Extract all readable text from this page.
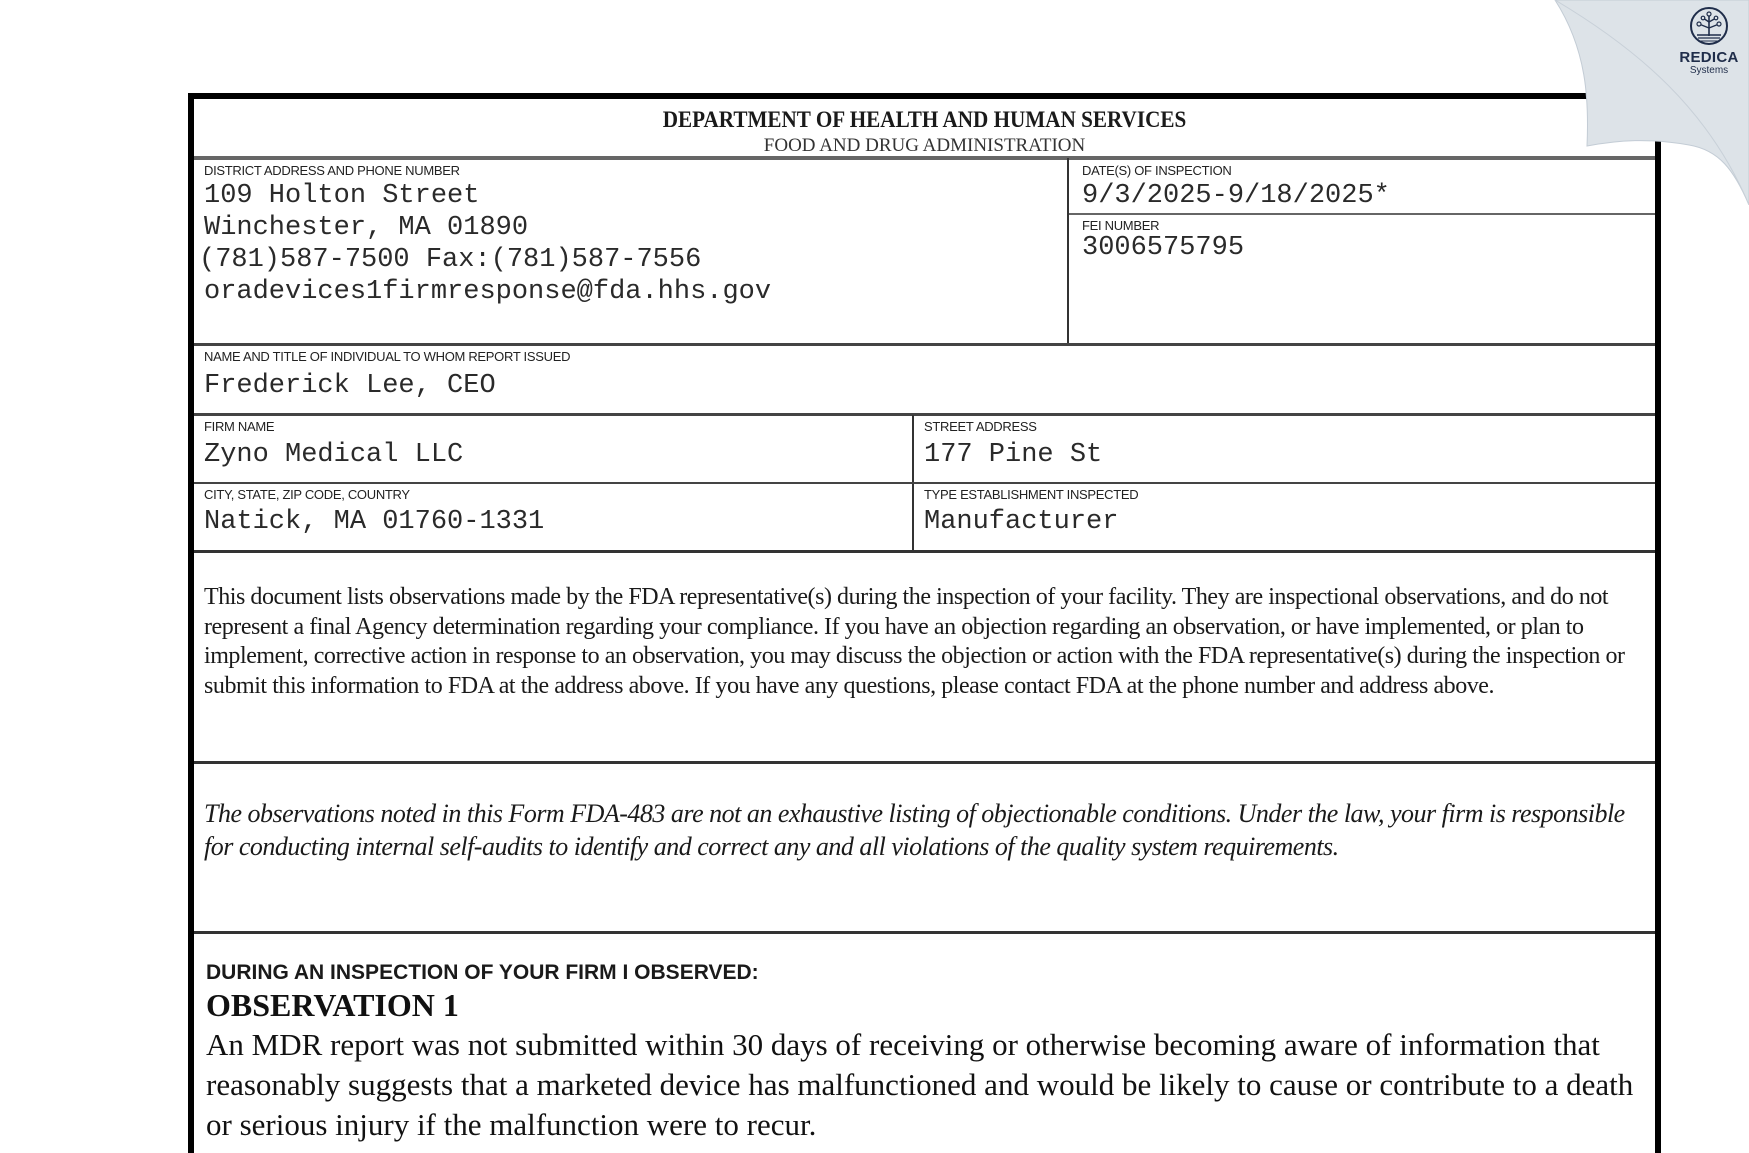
DEPARTMENT OF HEALTH AND HUMAN SERVICES
FOOD AND DRUG ADMINISTRATION
DISTRICT ADDRESS AND PHONE NUMBER
109 Holton Street
Winchester, MA 01890
(781)587-7500 Fax:(781)587-7556
oradevices1firmresponse@fda.hhs.gov
DATE(S) OF INSPECTION
9/3/2025-9/18/2025*
FEI NUMBER
3006575795
NAME AND TITLE OF INDIVIDUAL TO WHOM REPORT ISSUED
Frederick Lee, CEO
FIRM NAME
Zyno Medical LLC
STREET ADDRESS
177 Pine St
CITY, STATE, ZIP CODE, COUNTRY
Natick, MA 01760-1331
TYPE ESTABLISHMENT INSPECTED
Manufacturer
This document lists observations made by the FDA representative(s) during the inspection of your facility. They are inspectional observations, and do not represent a final Agency determination regarding your compliance. If you have an objection regarding an observation, or have implemented, or plan to implement, corrective action in response to an observation, you may discuss the objection or action with the FDA representative(s) during the inspection or submit this information to FDA at the address above. If you have any questions, please contact FDA at the phone number and address above.
The observations noted in this Form FDA-483 are not an exhaustive listing of objectionable conditions. Under the law, your firm is responsible for conducting internal self-audits to identify and correct any and all violations of the quality system requirements.
DURING AN INSPECTION OF YOUR FIRM I OBSERVED:
OBSERVATION 1
An MDR report was not submitted within 30 days of receiving or otherwise becoming aware of information that reasonably suggests that a marketed device has malfunctioned and would be likely to cause or contribute to a death or serious injury if the malfunction were to recur.
REDICA
Systems
